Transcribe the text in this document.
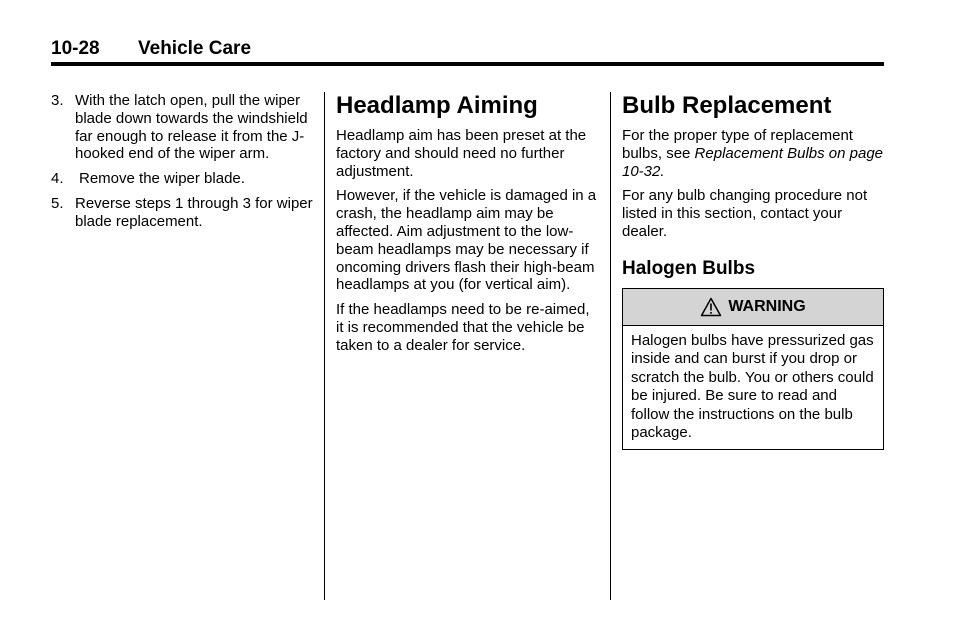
10-28 Vehicle Care
3. With the latch open, pull the wiper blade down towards the windshield far enough to release it from the J-hooked end of the wiper arm.
4. Remove the wiper blade.
5. Reverse steps 1 through 3 for wiper blade replacement.
Headlamp Aiming

Headlamp aim has been preset at the factory and should need no further adjustment.

However, if the vehicle is damaged in a crash, the headlamp aim may be affected. Aim adjustment to the low-beam headlamps may be necessary if oncoming drivers flash their high-beam headlamps at you (for vertical aim).

If the headlamps need to be re-aimed, it is recommended that the vehicle be taken to a dealer for service.

Bulb Replacement

For the proper type of replacement bulbs, see Replacement Bulbs on page 10-32.

For any bulb changing procedure not listed in this section, contact your dealer.

Halogen Bulbs
WARNING
Halogen bulbs have pressurized gas inside and can burst if you drop or scratch the bulb. You or others could be injured. Be sure to read and follow the instructions on the bulb package.
